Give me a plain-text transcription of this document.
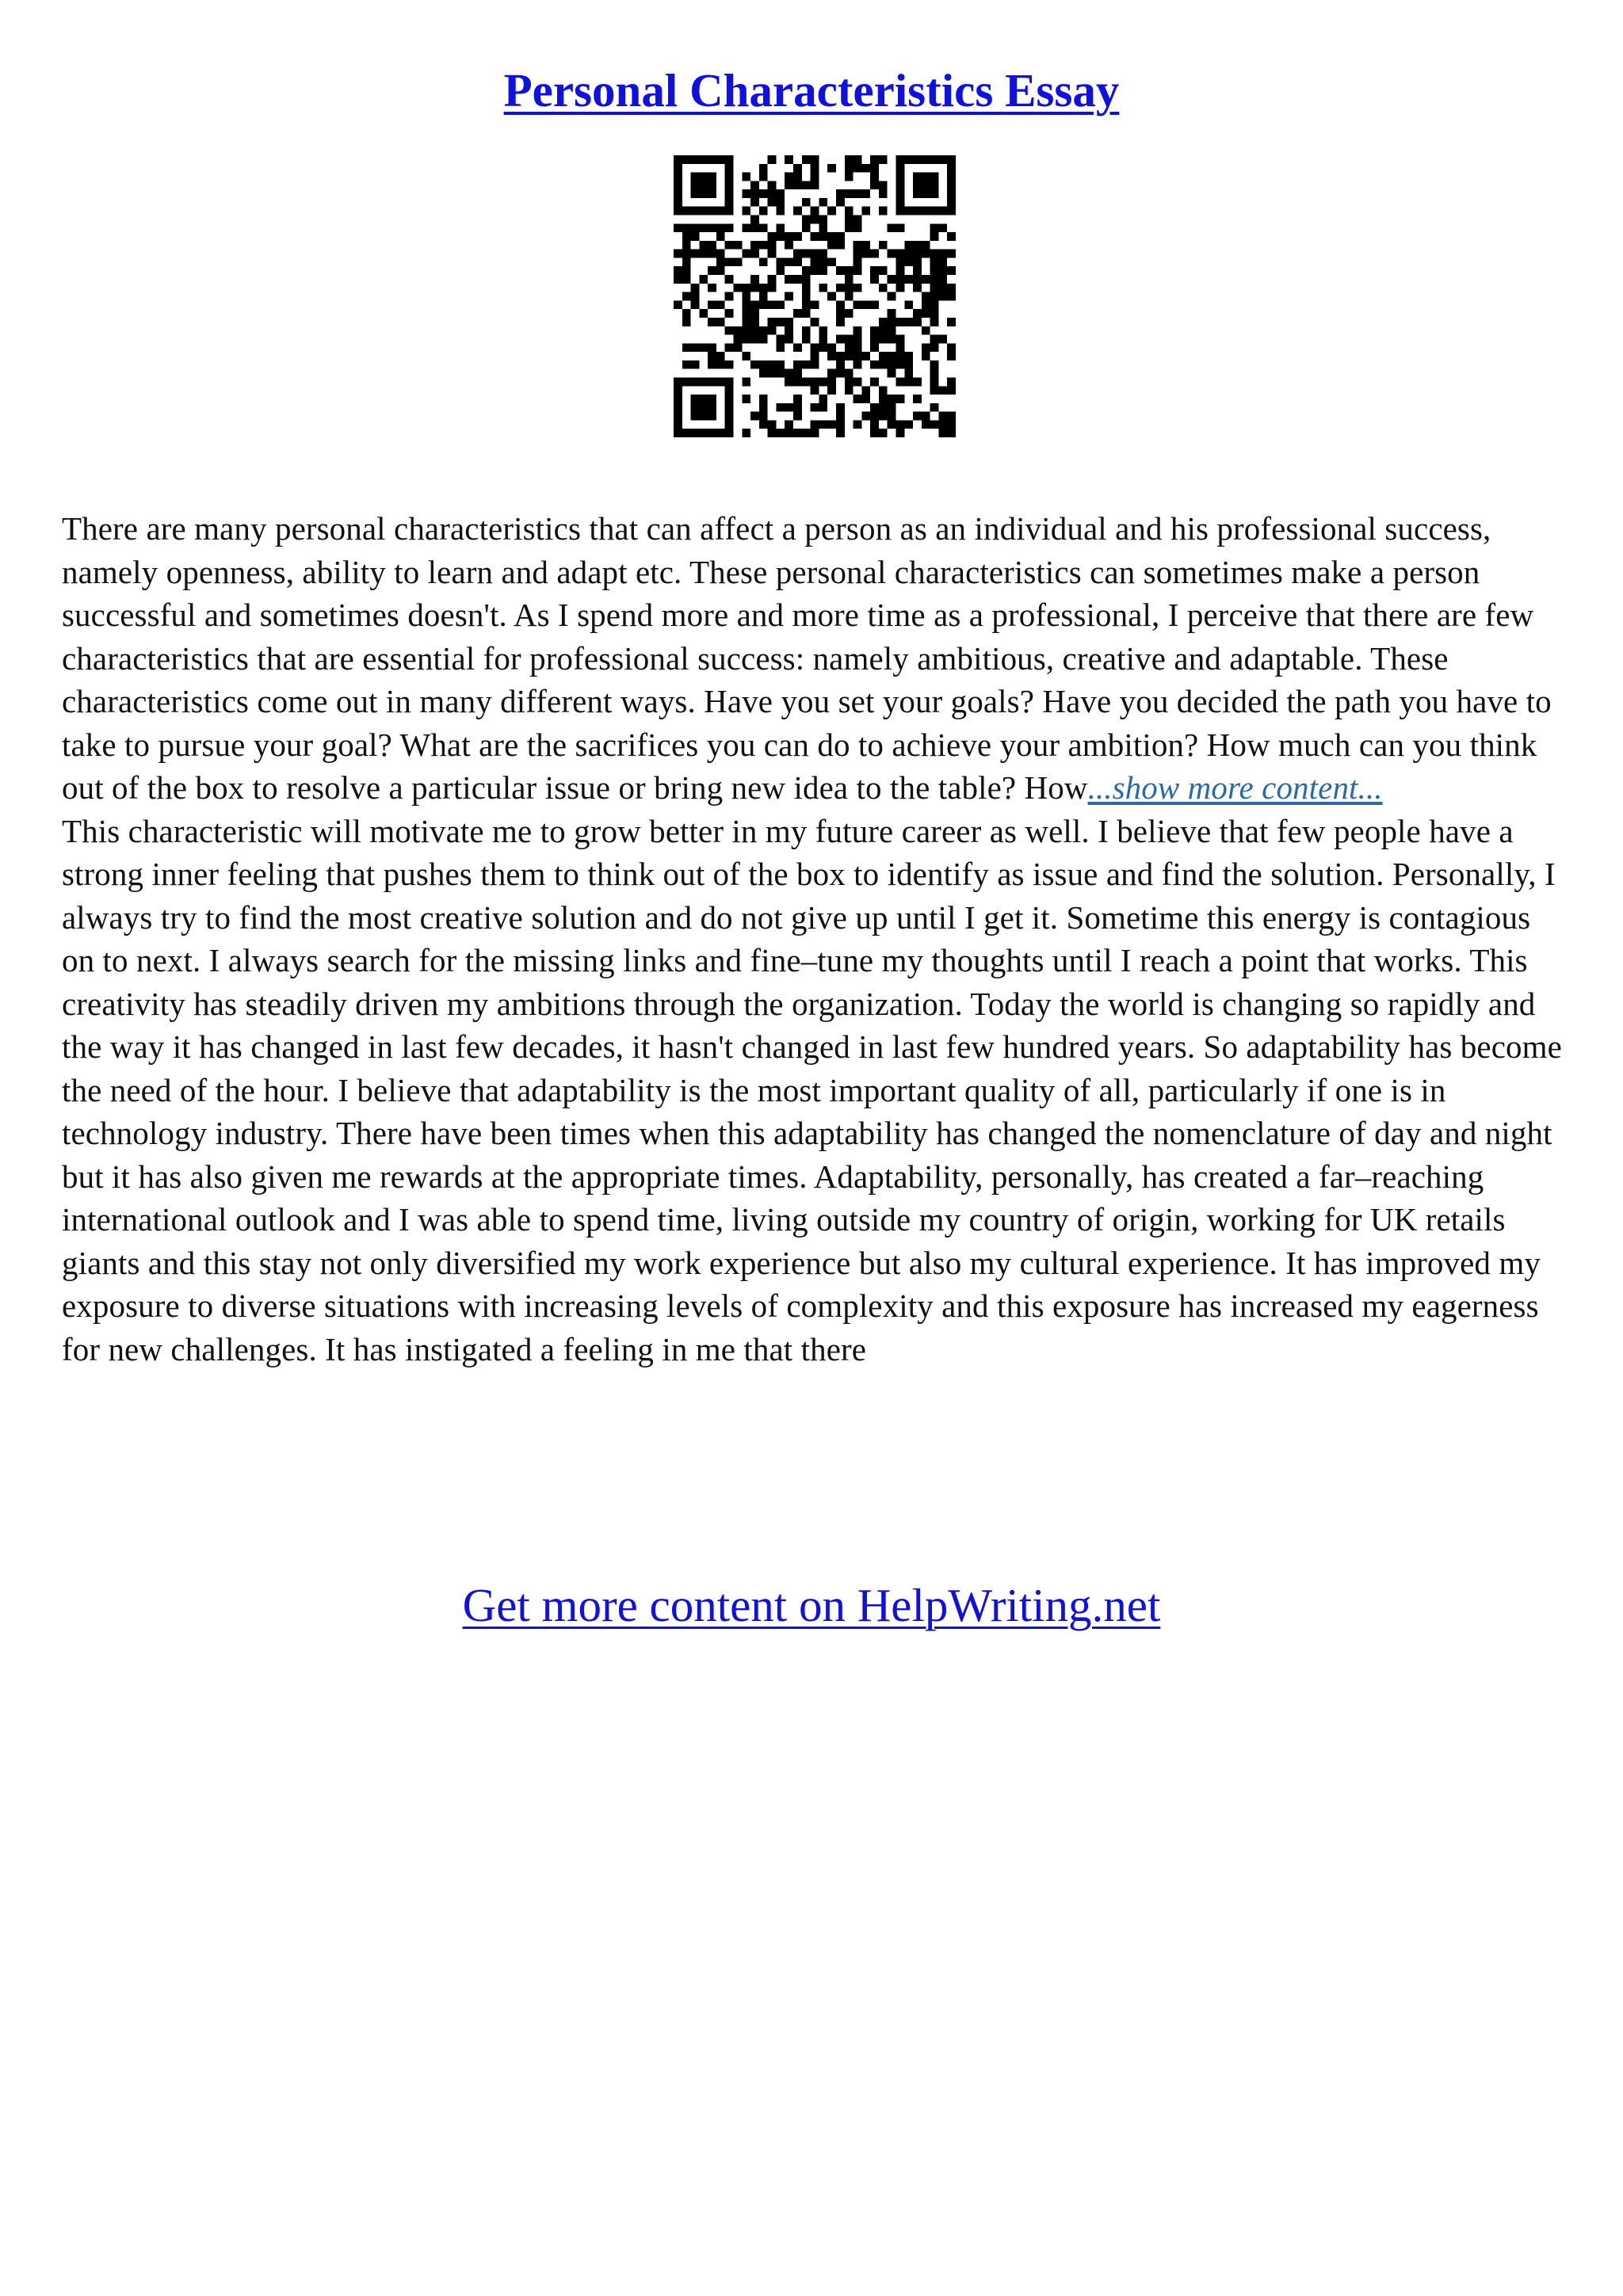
Personal Characteristics Essay

There are many personal characteristics that can affect a person as an individual and his professional success, namely openness, ability to learn and adapt etc. These personal characteristics can sometimes make a person successful and sometimes doesn't. As I spend more and more time as a professional, I perceive that there are few characteristics that are essential for professional success: namely ambitious, creative and adaptable. These characteristics come out in many different ways. Have you set your goals? Have you decided the path you have to take to pursue your goal? What are the sacrifices you can do to achieve your ambition? How much can you think out of the box to resolve a particular issue or bring new idea to the table? How...show more content...

This characteristic will motivate me to grow better in my future career as well. I believe that few people have a strong inner feeling that pushes them to think out of the box to identify as issue and find the solution. Personally, I always try to find the most creative solution and do not give up until I get it. Sometime this energy is contagious on to next. I always search for the missing links and fine–tune my thoughts until I reach a point that works. This creativity has steadily driven my ambitions through the organization. Today the world is changing so rapidly and the way it has changed in last few decades, it hasn't changed in last few hundred years. So adaptability has become the need of the hour. I believe that adaptability is the most important quality of all, particularly if one is in technology industry. There have been times when this adaptability has changed the nomenclature of day and night but it has also given me rewards at the appropriate times. Adaptability, personally, has created a far–reaching international outlook and I was able to spend time, living outside my country of origin, working for UK retails giants and this stay not only diversified my work experience but also my cultural experience. It has improved my exposure to diverse situations with increasing levels of complexity and this exposure has increased my eagerness for new challenges. It has instigated a feeling in me that there

Get more content on HelpWriting.net
